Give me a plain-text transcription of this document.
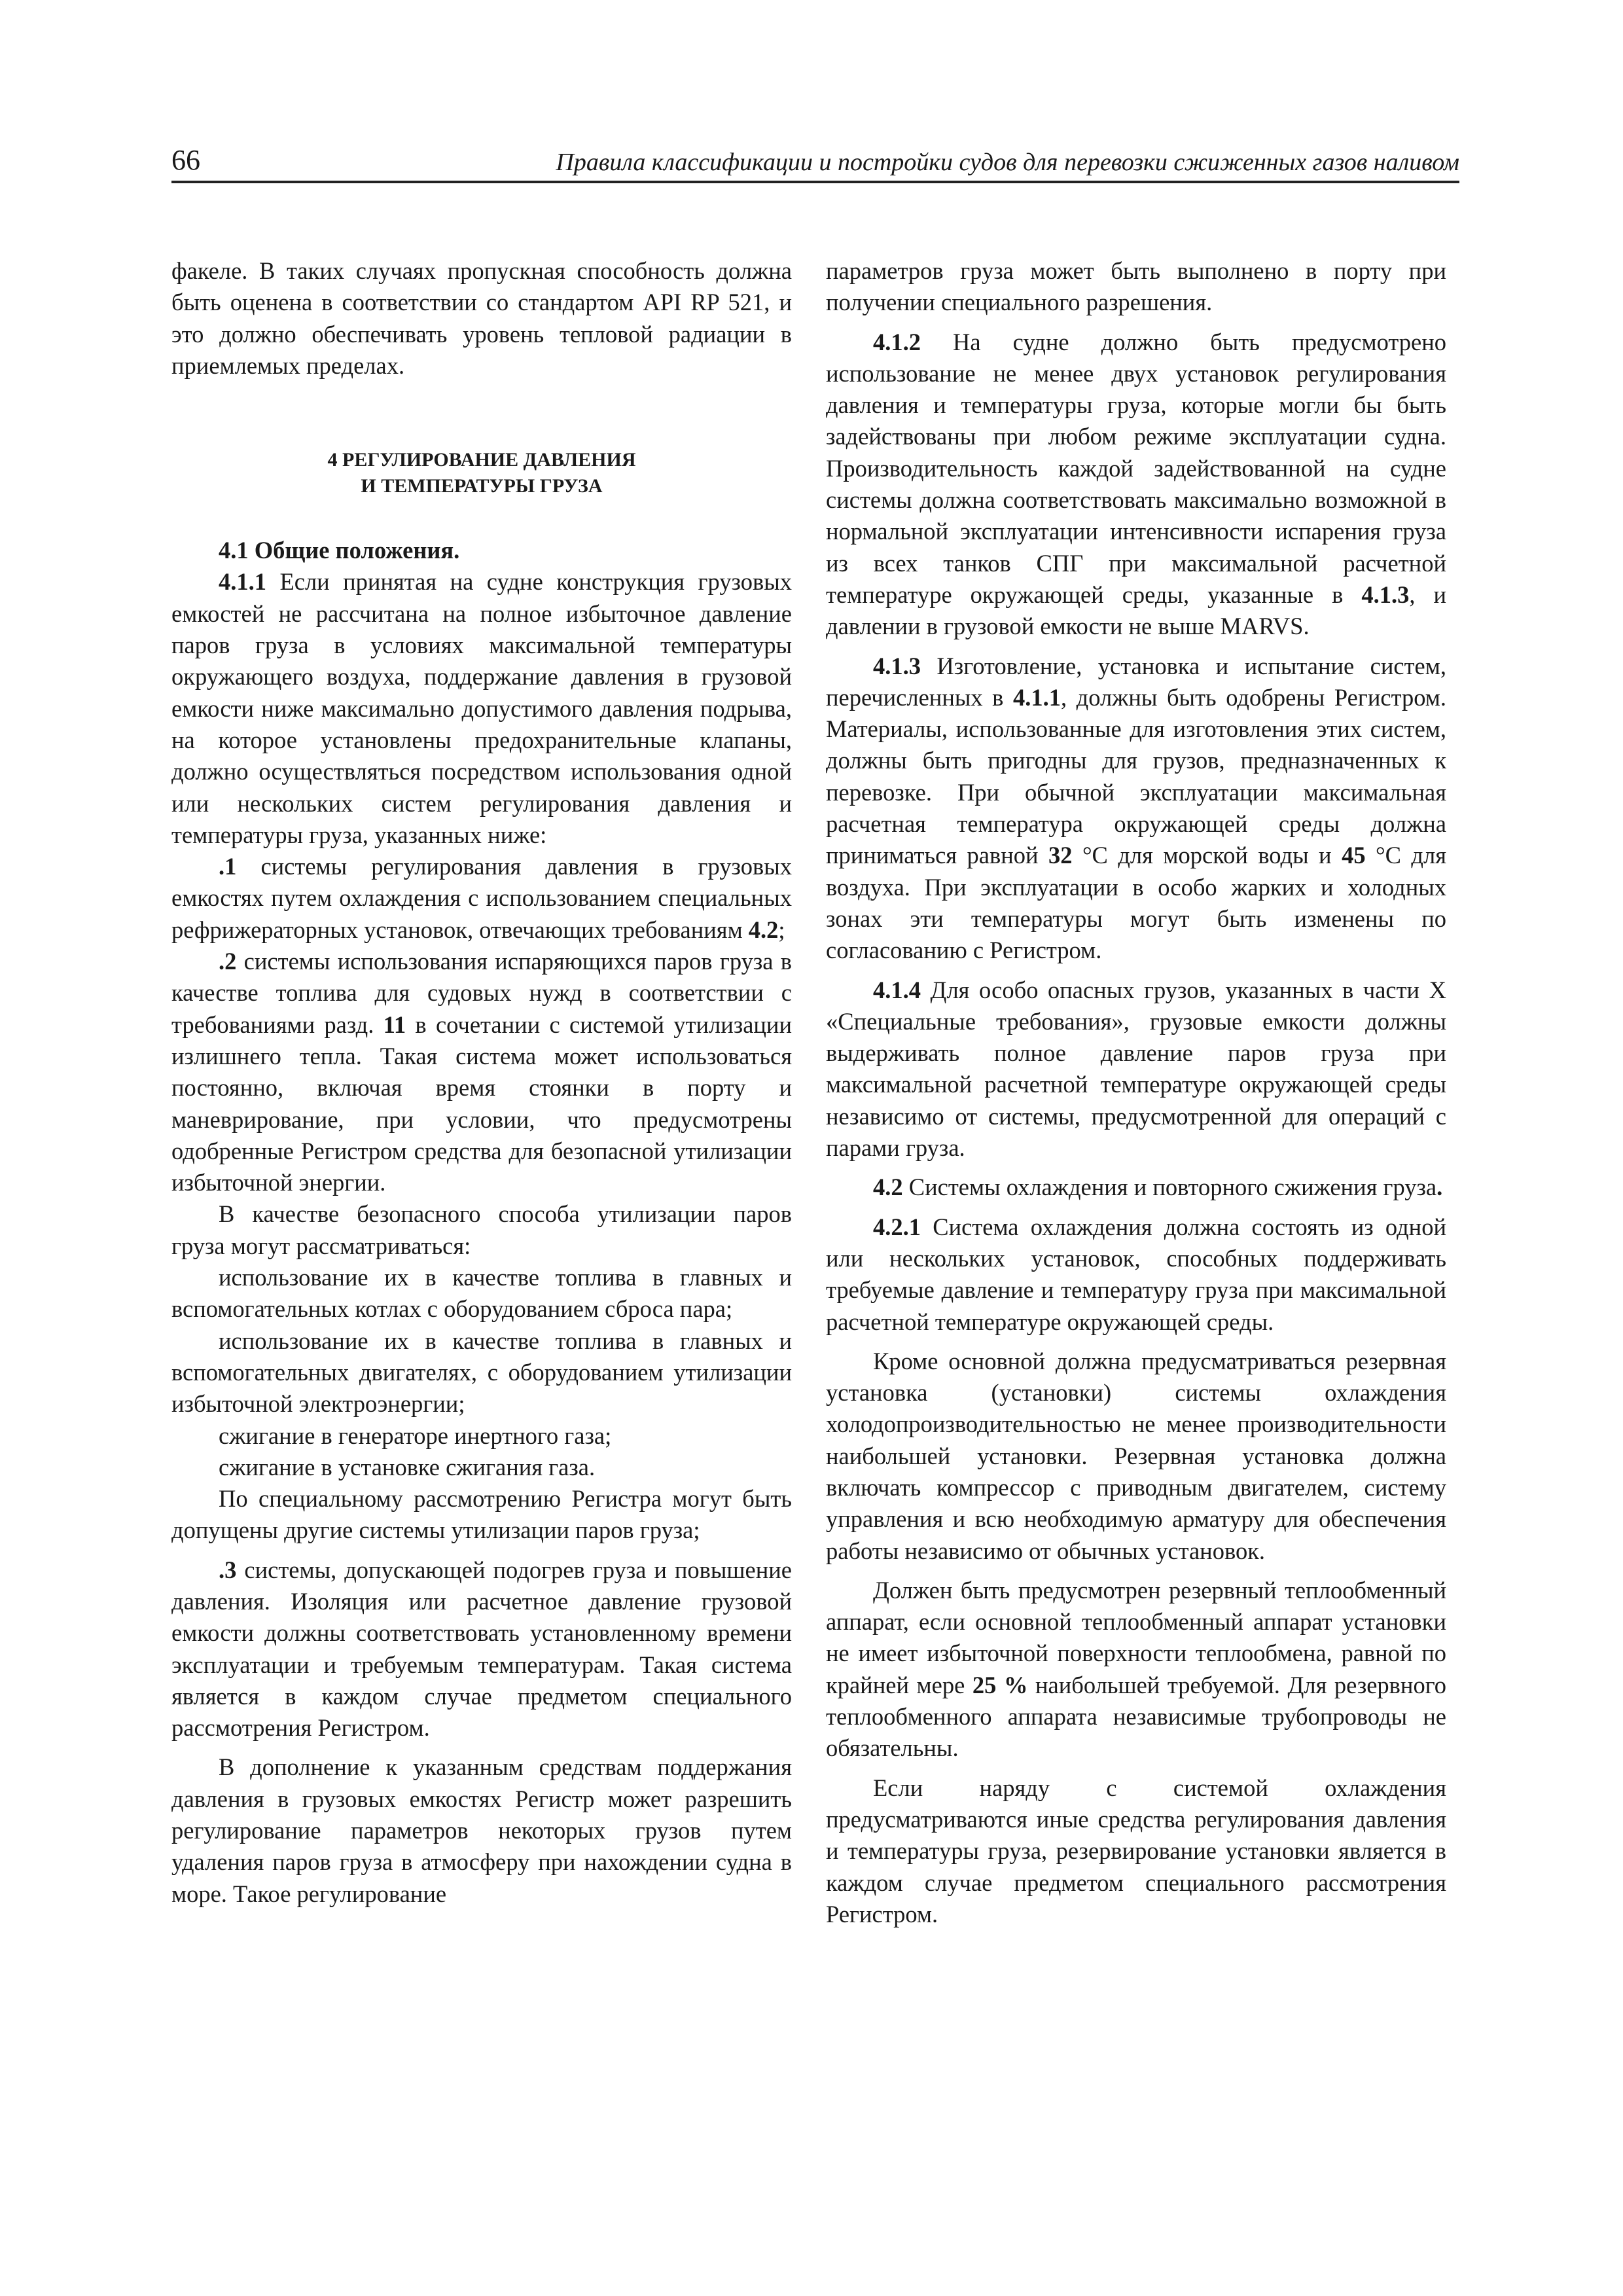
66	Правила классификации и постройки судов для перевозки сжиженных газов наливом

факеле. В таких случаях пропускная способность должна быть оценена в соответствии со стандартом API RP 521, и это должно обеспечивать уровень тепловой радиации в приемлемых пределах.

4 РЕГУЛИРОВАНИЕ ДАВЛЕНИЯ
И ТЕМПЕРАТУРЫ ГРУЗА

4.1 Общие положения.

4.1.1 Если принятая на судне конструкция грузовых емкостей не рассчитана на полное избыточное давление паров груза в условиях максимальной температуры окружающего воздуха, поддержание давления в грузовой емкости ниже максимально допустимого давления подрыва, на которое установлены предохранительные клапаны, должно осуществляться посредством использования одной или нескольких систем регулирования давления и температуры груза, указанных ниже:

.1 системы регулирования давления в грузовых емкостях путем охлаждения с использованием специальных рефрижераторных установок, отвечающих требованиям 4.2;

.2 системы использования испаряющихся паров груза в качестве топлива для судовых нужд в соответствии с требованиями разд. 11 в сочетании с системой утилизации излишнего тепла. Такая система может использоваться постоянно, включая время стоянки в порту и маневрирование, при условии, что предусмотрены одобренные Регистром средства для безопасной утилизации избыточной энергии.

В качестве безопасного способа утилизации паров груза могут рассматриваться:

использование их в качестве топлива в главных и вспомогательных котлах с оборудованием сброса пара;

использование их в качестве топлива в главных и вспомогательных двигателях, с оборудованием утилизации избыточной электроэнергии;

сжигание в генераторе инертного газа;

сжигание в установке сжигания газа.

По специальному рассмотрению Регистра могут быть допущены другие системы утилизации паров груза;

.3 системы, допускающей подогрев груза и повышение давления. Изоляция или расчетное давление грузовой емкости должны соответствовать установленному времени эксплуатации и требуемым температурам. Такая система является в каждом случае предметом специального рассмотрения Регистром.

В дополнение к указанным средствам поддержания давления в грузовых емкостях Регистр может разрешить регулирование параметров некоторых грузов путем удаления паров груза в атмосферу при нахождении судна в море. Такое регулирование

параметров груза может быть выполнено в порту при получении специального разрешения.

4.1.2 На судне должно быть предусмотрено использование не менее двух установок регулирования давления и температуры груза, которые могли бы быть задействованы при любом режиме эксплуатации судна. Производительность каждой задействованной на судне системы должна соответствовать максимально возможной в нормальной эксплуатации интенсивности испарения груза из всех танков СПГ при максимальной расчетной температуре окружающей среды, указанные в 4.1.3, и давлении в грузовой емкости не выше MARVS.

4.1.3 Изготовление, установка и испытание систем, перечисленных в 4.1.1, должны быть одобрены Регистром. Материалы, использованные для изготовления этих систем, должны быть пригодны для грузов, предназначенных к перевозке. При обычной эксплуатации максимальная расчетная температура окружающей среды должна приниматься равной 32 °C для морской воды и 45 °C для воздуха. При эксплуатации в особо жарких и холодных зонах эти температуры могут быть изменены по согласованию с Регистром.

4.1.4 Для особо опасных грузов, указанных в части X «Специальные требования», грузовые емкости должны выдерживать полное давление паров груза при максимальной расчетной температуре окружающей среды независимо от системы, предусмотренной для операций с парами груза.

4.2 Системы охлаждения и повторного сжижения груза.

4.2.1 Система охлаждения должна состоять из одной или нескольких установок, способных поддерживать требуемые давление и температуру груза при максимальной расчетной температуре окружающей среды.

Кроме основной должна предусматриваться резервная установка (установки) системы охлаждения холодопроизводительностью не менее производительности наибольшей установки. Резервная установка должна включать компрессор с приводным двигателем, систему управления и всю необходимую арматуру для обеспечения работы независимо от обычных установок.

Должен быть предусмотрен резервный теплообменный аппарат, если основной теплообменный аппарат установки не имеет избыточной поверхности теплообмена, равной по крайней мере 25 % наибольшей требуемой. Для резервного теплообменного аппарата независимые трубопроводы не обязательны.

Если наряду с системой охлаждения предусматриваются иные средства регулирования давления и температуры груза, резервирование установки является в каждом случае предметом специального рассмотрения Регистром.
